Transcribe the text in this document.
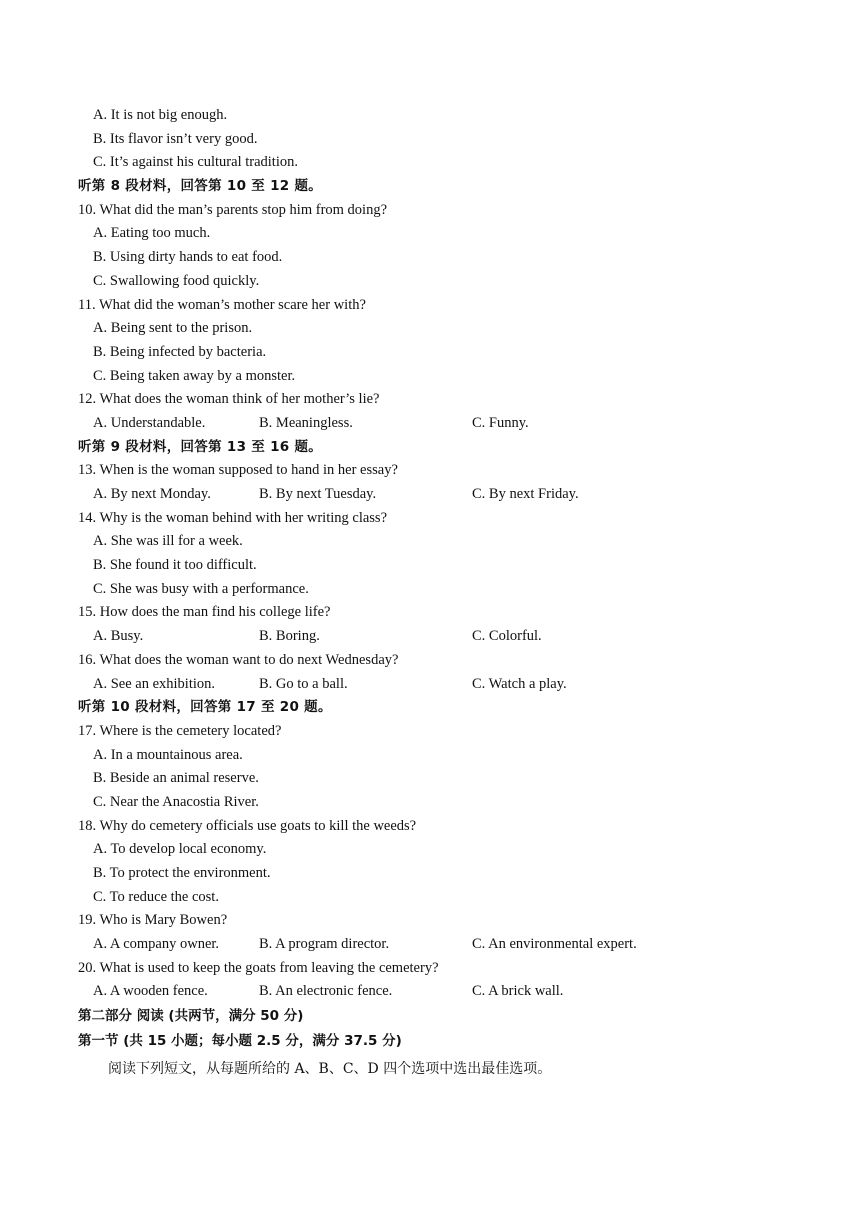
A. It is not big enough.
B. Its flavor isn’t very good.
C. It’s against his cultural tradition.
听第 8 段材料，回答第 10 至 12 题。
10. What did the man’s parents stop him from doing?
A. Eating too much.
B. Using dirty hands to eat food.
C. Swallowing food quickly.
11. What did the woman’s mother scare her with?
A. Being sent to the prison.
B. Being infected by bacteria.
C. Being taken away by a monster.
12. What does the woman think of her mother’s lie?
A. Understandable.	B. Meaningless.	C. Funny.
听第 9 段材料，回答第 13 至 16 题。
13. When is the woman supposed to hand in her essay?
A. By next Monday.	B. By next Tuesday.	C. By next Friday.
14. Why is the woman behind with her writing class?
A. She was ill for a week.
B. She found it too difficult.
C. She was busy with a performance.
15. How does the man find his college life?
A. Busy.	B. Boring.	C. Colorful.
16. What does the woman want to do next Wednesday?
A. See an exhibition.	B. Go to a ball.	C. Watch a play.
听第 10 段材料，回答第 17 至 20 题。
17. Where is the cemetery located?
A. In a mountainous area.
B. Beside an animal reserve.
C. Near the Anacostia River.
18. Why do cemetery officials use goats to kill the weeds?
A. To develop local economy.
B. To protect the environment.
C. To reduce the cost.
19. Who is Mary Bowen?
A. A company owner.	B. A program director.	C. An environmental expert.
20. What is used to keep the goats from leaving the cemetery?
A. A wooden fence.	B. An electronic fence.	C. A brick wall.
第二部分 阅读 (共两节，满分 50 分)
第一节 (共 15 小题；每小题 2.5 分，满分 37.5 分)
阅读下列短文，从每题所给的 A、B、C、D 四个选项中选出最佳选项。
